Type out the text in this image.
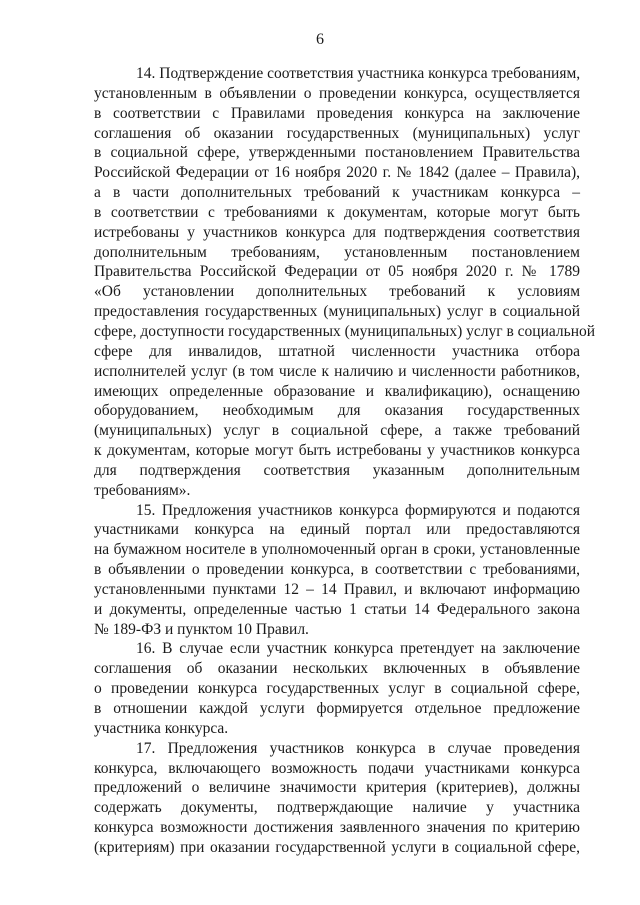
6

14. Подтверждение соответствия участника конкурса требованиям,
установленным в объявлении о проведении конкурса, осуществляется
в соответствии с Правилами проведения конкурса на заключение
соглашения об оказании государственных (муниципальных) услуг
в социальной сфере, утвержденными постановлением Правительства
Российской Федерации от 16 ноября 2020 г. № 1842 (далее – Правила),
а в части дополнительных требований к участникам конкурса –
в соответствии с требованиями к документам, которые могут быть
истребованы у участников конкурса для подтверждения соответствия
дополнительным требованиям, установленным постановлением
Правительства Российской Федерации от 05 ноября 2020 г. № 1789
«Об установлении дополнительных требований к условиям
предоставления государственных (муниципальных) услуг в социальной
сфере, доступности государственных (муниципальных) услуг в социальной
сфере для инвалидов, штатной численности участника отбора
исполнителей услуг (в том числе к наличию и численности работников,
имеющих определенные образование и квалификацию), оснащению
оборудованием, необходимым для оказания государственных
(муниципальных) услуг в социальной сфере, а также требований
к документам, которые могут быть истребованы у участников конкурса
для подтверждения соответствия указанным дополнительным
требованиям».

15. Предложения участников конкурса формируются и подаются
участниками конкурса на единый портал или предоставляются
на бумажном носителе в уполномоченный орган в сроки, установленные
в объявлении о проведении конкурса, в соответствии с требованиями,
установленными пунктами 12 – 14 Правил, и включают информацию
и документы, определенные частью 1 статьи 14 Федерального закона
№ 189-ФЗ и пунктом 10 Правил.

16. В случае если участник конкурса претендует на заключение
соглашения об оказании нескольких включенных в объявление
о проведении конкурса государственных услуг в социальной сфере,
в отношении каждой услуги формируется отдельное предложение
участника конкурса.

17. Предложения участников конкурса в случае проведения
конкурса, включающего возможность подачи участниками конкурса
предложений о величине значимости критерия (критериев), должны
содержать документы, подтверждающие наличие у участника
конкурса возможности достижения заявленного значения по критерию
(критериям) при оказании государственной услуги в социальной сфере,
